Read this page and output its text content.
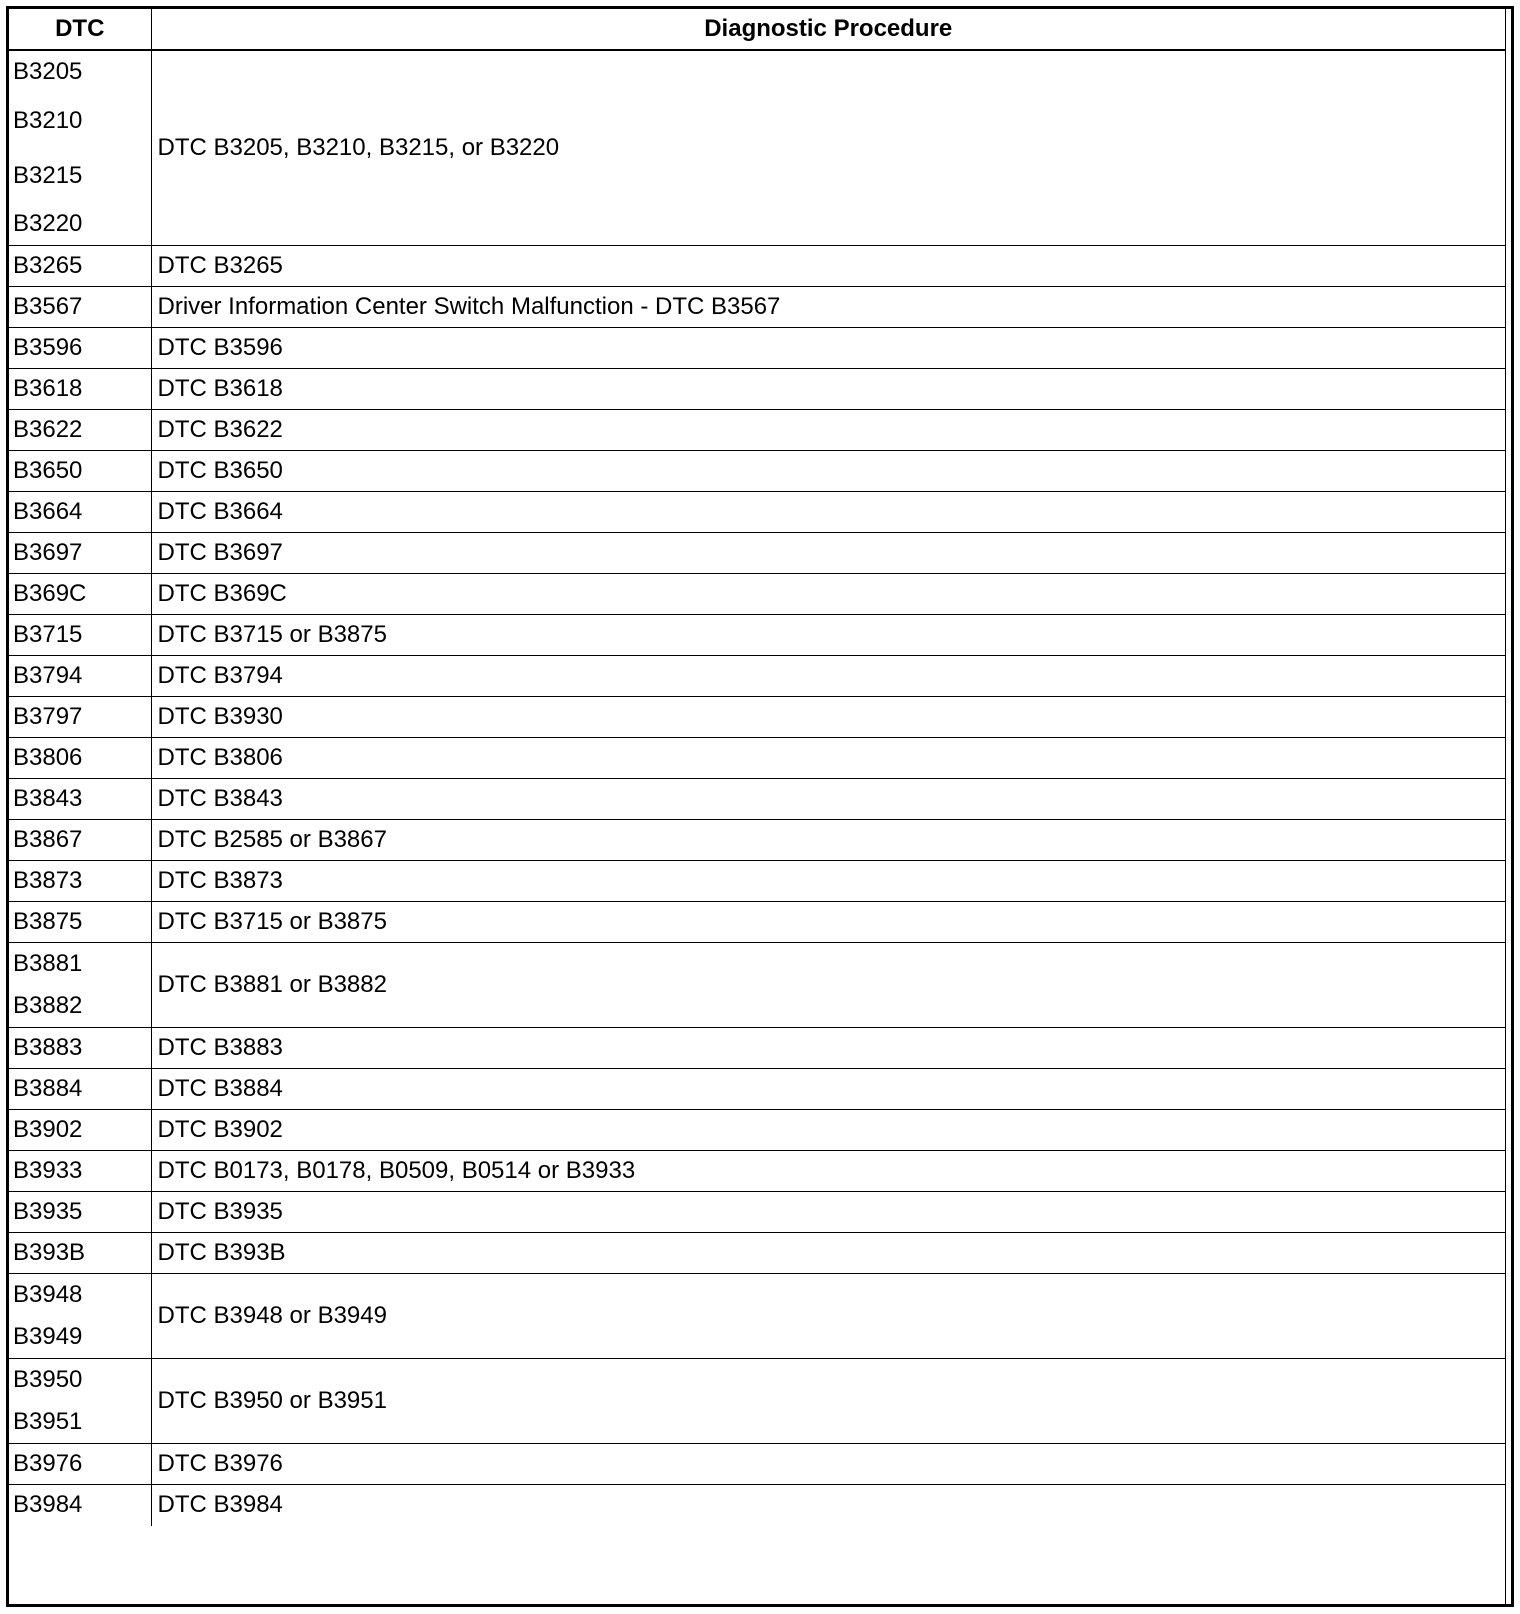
DTC	Diagnostic Procedure

B3205
B3210
B3215
B3220	DTC B3205, B3210, B3215, or B3220

B3265	DTC B3265

B3567	Driver Information Center Switch Malfunction - DTC B3567

B3596	DTC B3596

B3618	DTC B3618

B3622	DTC B3622

B3650	DTC B3650

B3664	DTC B3664

B3697	DTC B3697

B369C	DTC B369C

B3715	DTC B3715 or B3875

B3794	DTC B3794

B3797	DTC B3930

B3806	DTC B3806

B3843	DTC B3843

B3867	DTC B2585 or B3867

B3873	DTC B3873

B3875	DTC B3715 or B3875

B3881
B3882	DTC B3881 or B3882

B3883	DTC B3883

B3884	DTC B3884

B3902	DTC B3902

B3933	DTC B0173, B0178, B0509, B0514 or B3933

B3935	DTC B3935

B393B	DTC B393B

B3948
B3949	DTC B3948 or B3949

B3950
B3951	DTC B3950 or B3951

B3976	DTC B3976

B3984	DTC B3984
